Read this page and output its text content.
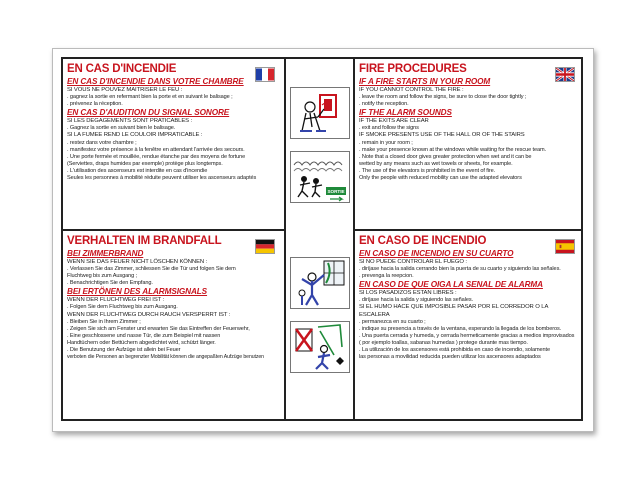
EN CAS D'INCENDIE
EN CAS D'INCENDIE DANS VOTRE CHAMBRE
SI VOUS NE POUVEZ MAITRISER LE FEU :
. gagnez la sortie en refermant bien la porte et en suivant le balisage ;
. prévenez la réception.
EN CAS D'AUDITION DU SIGNAL SONORE
SI LES DEGAGEMENTS SONT PRATICABLES :
. Gagnez la sortie en suivant bien le balisage.
SI LA FUMEE REND LE COULOIR IMPRATICABLE :
. restez dans votre chambre ;
. manifestez votre présence à la fenêtre en attendant l'arrivée des secours.
. Une porte fermée et mouillée, rendue étanche par des moyens de fortune
(Serviettes, draps humides par exemple) protège plus longtemps.
. L'utilisation des ascenseurs est interdite en cas d'incendie
Seules les personnes à mobilité réduite peuvent utiliser les ascenseurs adaptés
FIRE PROCEDURES
IF A FIRE STARTS IN YOUR ROOM
IF YOU CANNOT CONTROL THE FIRE :
. leave the room and follow the signs, be sure to close the door tightly ;
. notify the reception.
IF THE ALARM SOUNDS
IF THE EXITS ARE CLEAR
. exit and follow the signs
IF SMOKE PRESENTS USE OF THE HALL OR OF THE STAIRS
. remain in your room ;
. make your presence known at the windows while waiting for the rescue team.
. Note that a closed door gives greater protection when wet and it can be
wetted by any means such as wet towels or sheets, for example.
. The use of the elevators is prohibited in the event of fire.
Only the people with reduced mobility can use the adapted elevators
VERHALTEN IM BRANDFALL
BEI ZIMMERBRAND
WENN SIE DAS FEUER NICHT LÖSCHEN KÖNNEN :
. Verlassen Sie das Zimmer, schliessen Sie die Tür und folgen Sie dem
Fluchtweg bis zum Ausgang ;
. Benachrichtigen Sie den Empfang.
BEI ERTÖNEN DES ALARMSIGNALS
WENN DER FLUCHTWEG FREI IST :
. Folgen Sie dem Fluchtweg bis zum Ausgang.
WENN DER FLUCHTWEG DURCH RAUCH VERSPERRT IST :
. Bleiben Sie in Ihrem Zimmer ;
. Zeigen Sie sich am Fenster und erwarten Sie das Eintreffen der Feuerwehr,
. Eine geschlossene und nasse Tür, die zum Beispiel mit nassen
Handtüchern oder Bettüchern abgedichtet wird, schützt länger.
. Die Benutzung der Aufzüge ist allein bei Feuer
verboten die Personen an begrenzter Mobilität können die angepaßten Aufzüge benutzen
EN CASO DE INCENDIO
EN CASO DE INCENDIO EN SU CUARTO
SI NO PUEDE CONTROLAR EL FUEGO :
. diríjase hacia la salida cerrando bien la puerta de su cuarto y siguiendo las señales.
. prevenga la reepcion.
EN CASO DE QUE OIGA LA SENAL DE ALARMA
SI LOS PASADIZOS ESTAN LIBRES :
. diríjase hacia la salida y siguiendo las señales.
SI EL HUMO HACE QUE IMPOSIBLE PASAR POR EL CORREDOR O LA
ESCALERA
. permanezca en su cuarto ;
. indique su presencia a través de la ventana, esperando la llegada de los bomberos.
. Una puerta cerrada y humeda, y cerrada hermeticamente gracias a medios improvisados
( por ejemplo toallas, sabanas humedas ) protege durante mas tiempo.
. La utilización de los ascensores está prohibida en caso de incendio, solamente
las personas a movilidad reducida pueden utilizar los ascensores adaptados
SORTIE
